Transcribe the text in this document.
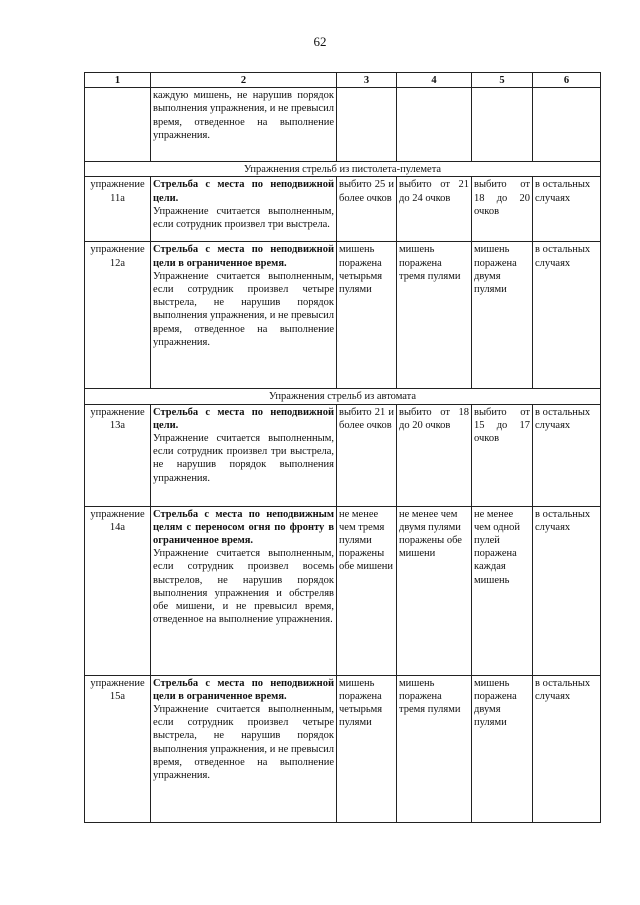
62
1	2	3	4	5	6
	каждую мишень, не нарушив порядок выполнения упражнения, и не превысил время, отведенное на выполнение упражнения.				
Упражнения стрельб из пистолета-пулемета					
упражнение 11а	Стрельба с места по неподвижной цели.
Упражнение считается выполненным, если сотрудник произвел три выстрела.	выбито 25 и более очков	выбито от 21 до 24 очков	выбито от 18 до 20 очков	в остальных случаях
упражнение 12а	Стрельба с места по неподвижной цели в ограниченное время.
Упражнение считается выполненным, если сотрудник произвел четыре выстрела, не нарушив порядок выполнения упражнения, и не превысил время, отведенное на выполнение упражнения.	мишень поражена четырьмя пулями	мишень поражена тремя пулями	мишень поражена двумя пулями	в остальных случаях
Упражнения стрельб из автомата					
упражнение 13а	Стрельба с места по неподвижной цели.
Упражнение считается выполненным, если сотрудник произвел три выстрела, не нарушив порядок выполнения упражнения.	выбито 21 и более очков	выбито от 18 до 20 очков	выбито от 15 до 17 очков	в остальных случаях
упражнение 14а	Стрельба с места по неподвижным целям с переносом огня по фронту в ограниченное время.
Упражнение считается выполненным, если сотрудник произвел восемь выстрелов, не нарушив порядок выполнения упражнения и обстреляв обе мишени, и не превысил время, отведенное на выполнение упражнения.	не менее чем тремя пулями поражены обе мишени	не менее чем двумя пулями поражены обе мишени	не менее чем одной пулей поражена каждая мишень	в остальных случаях
упражнение 15а	Стрельба с места по неподвижной цели в ограниченное время.
Упражнение считается выполненным, если сотрудник произвел четыре выстрела, не нарушив порядок выполнения упражнения, и не превысил время, отведенное на выполнение упражнения.	мишень поражена четырьмя пулями	мишень поражена тремя пулями	мишень поражена двумя пулями	в остальных случаях
